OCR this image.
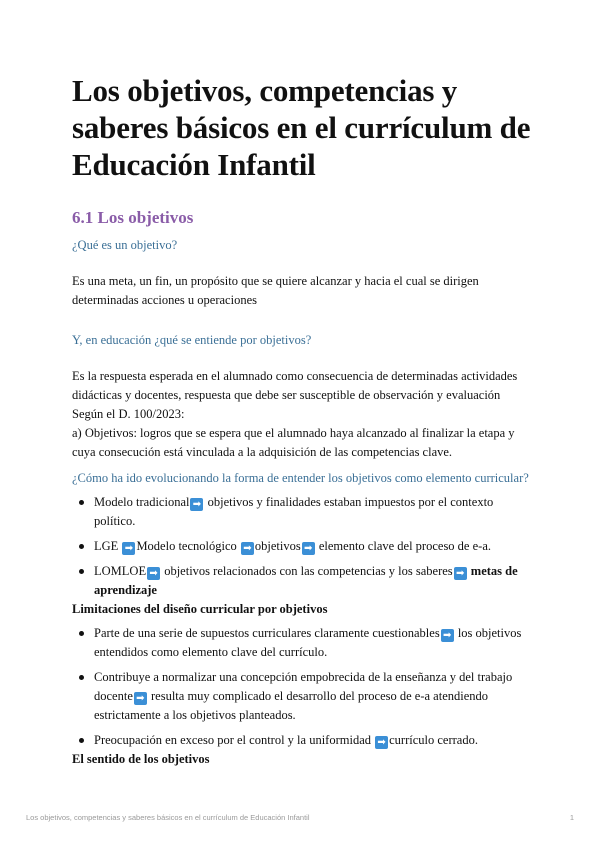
Los objetivos, competencias y saberes básicos en el currículum de Educación Infantil
6.1 Los objetivos

¿Qué es un objetivo?

Es una meta, un fin, un propósito que se quiere alcanzar y hacia el cual se dirigen determinadas acciones u operaciones

Y, en educación ¿qué se entiende por objetivos?

Es la respuesta esperada en el alumnado como consecuencia de determinadas actividades didácticas y docentes, respuesta que debe ser susceptible de observación y evaluación

Según el D. 100/2023:

a) Objetivos: logros que se espera que el alumnado haya alcanzado al finalizar la etapa y cuya consecución está vinculada a la adquisición de las competencias clave.

¿Cómo ha ido evolucionando la forma de entender los objetivos como elemento curricular?

Modelo tradicional ➡ objetivos y finalidades estaban impuestos por el contexto político.
LGE ➡ Modelo tecnológico ➡ objetivos ➡ elemento clave del proceso de e-a.
LOMLOE ➡ objetivos relacionados con las competencias y los saberes ➡ metas de aprendizaje

Limitaciones del diseño curricular por objetivos

Parte de una serie de supuestos curriculares claramente cuestionables ➡ los objetivos entendidos como elemento clave del currículo.
Contribuye a normalizar una concepción empobrecida de la enseñanza y del trabajo docente ➡ resulta muy complicado el desarrollo del proceso de e-a atendiendo estrictamente a los objetivos planteados.
Preocupación en exceso por el control y la uniformidad ➡ currículo cerrado.

El sentido de los objetivos

Los objetivos, competencias y saberes básicos en el currículum de Educación Infantil	1
